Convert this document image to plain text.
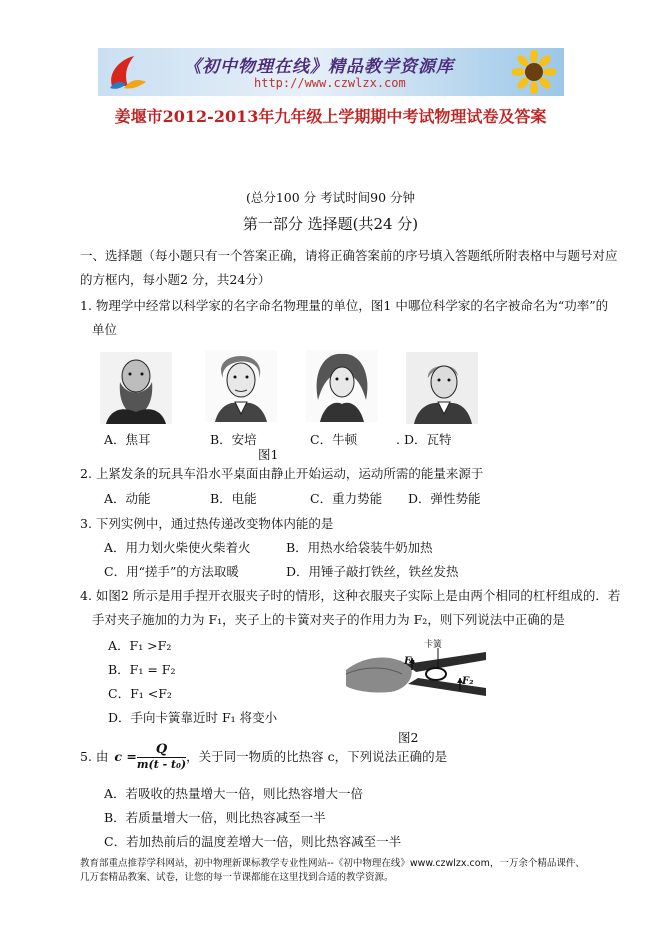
《初中物理在线》精品教学资源库
http://www.czwlzx.com
姜堰市2012-2013年九年级上学期期中考试物理试卷及答案
(总分100 分 考试时间90 分钟
第一部分 选择题(共24 分)
一、选择题（每小题只有一个答案正确，请将正确答案前的序号填入答题纸所附表格中与题号对应
的方框内，每小题2 分，共24分）
1. 物理学中经常以科学家的名字命名物理量的单位，图1 中哪位科学家的名字被命名为“功率”的
单位
A．焦耳	B．安培	C．牛顿	. D．瓦特
图1
2. 上紧发条的玩具车沿水平桌面由静止开始运动，运动所需的能量来源于
A．动能	B．电能	C．重力势能 D．弹性势能
3. 下列实例中，通过热传递改变物体内能的是
A．用力划火柴使火柴着火	B．用热水给袋装牛奶加热
C．用“搓手”的方法取暖	D．用锤子敲打铁丝，铁丝发热
4. 如图2 所示是用手捏开衣服夹子时的情形，这种衣服夹子实际上是由两个相同的杠杆组成的．若
手对夹子施加的力为 F₁，夹子上的卡簧对夹子的作用力为 F₂，则下列说法中正确的是
A．F₁ >F₂
B．F₁ = F₂
C．F₁ <F₂
D．手向卡簧靠近时 F₁ 将变小
卡簧
F₁
F₂
图2
5. 由 $c = \frac{Q}{\text{m(t - t₀)}}$ ，关于同一物质的比热容 c，下列说法正确的是
A．若吸收的热量增大一倍，则比热容增大一倍
B．若质量增大一倍，则比热容减至一半
C．若加热前后的温度差增大一倍，则比热容减至一半
教育部重点推荐学科网站，初中物理新课标教学专业性网站--《初中物理在线》www.czwlzx.com，一万余个精品课件、
几万套精品教案、试卷，让您的每一节课都能在这里找到合适的教学资源。
